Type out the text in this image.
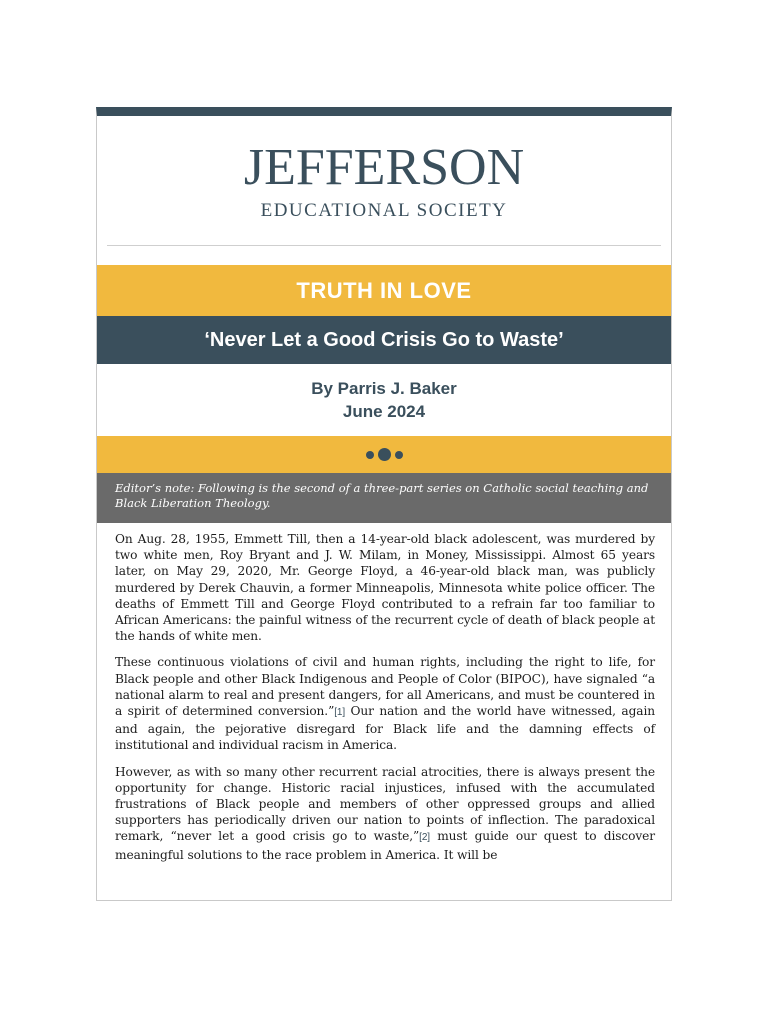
JEFFERSON
EDUCATIONAL SOCIETY
TRUTH IN LOVE
‘Never Let a Good Crisis Go to Waste’
By Parris J. Baker
June 2024
Editor’s note: Following is the second of a three-part series on Catholic social teaching and Black Liberation Theology.

On Aug. 28, 1955, Emmett Till, then a 14-year-old black adolescent, was murdered by two white men, Roy Bryant and J. W. Milam, in Money, Mississippi. Almost 65 years later, on May 29, 2020, Mr. George Floyd, a 46-year-old black man, was publicly murdered by Derek Chauvin, a former Minneapolis, Minnesota white police officer. The deaths of Emmett Till and George Floyd contributed to a refrain far too familiar to African Americans: the painful witness of the recurrent cycle of death of black people at the hands of white men.

These continuous violations of civil and human rights, including the right to life, for Black people and other Black Indigenous and People of Color (BIPOC), have signaled “a national alarm to real and present dangers, for all Americans, and must be countered in a spirit of determined conversion.”[1] Our nation and the world have witnessed, again and again, the pejorative disregard for Black life and the damning effects of institutional and individual racism in America.

However, as with so many other recurrent racial atrocities, there is always present the opportunity for change. Historic racial injustices, infused with the accumulated frustrations of Black people and members of other oppressed groups and allied supporters has periodically driven our nation to points of inflection. The paradoxical remark, “never let a good crisis go to waste,”[2] must guide our quest to discover meaningful solutions to the race problem in America. It will be
